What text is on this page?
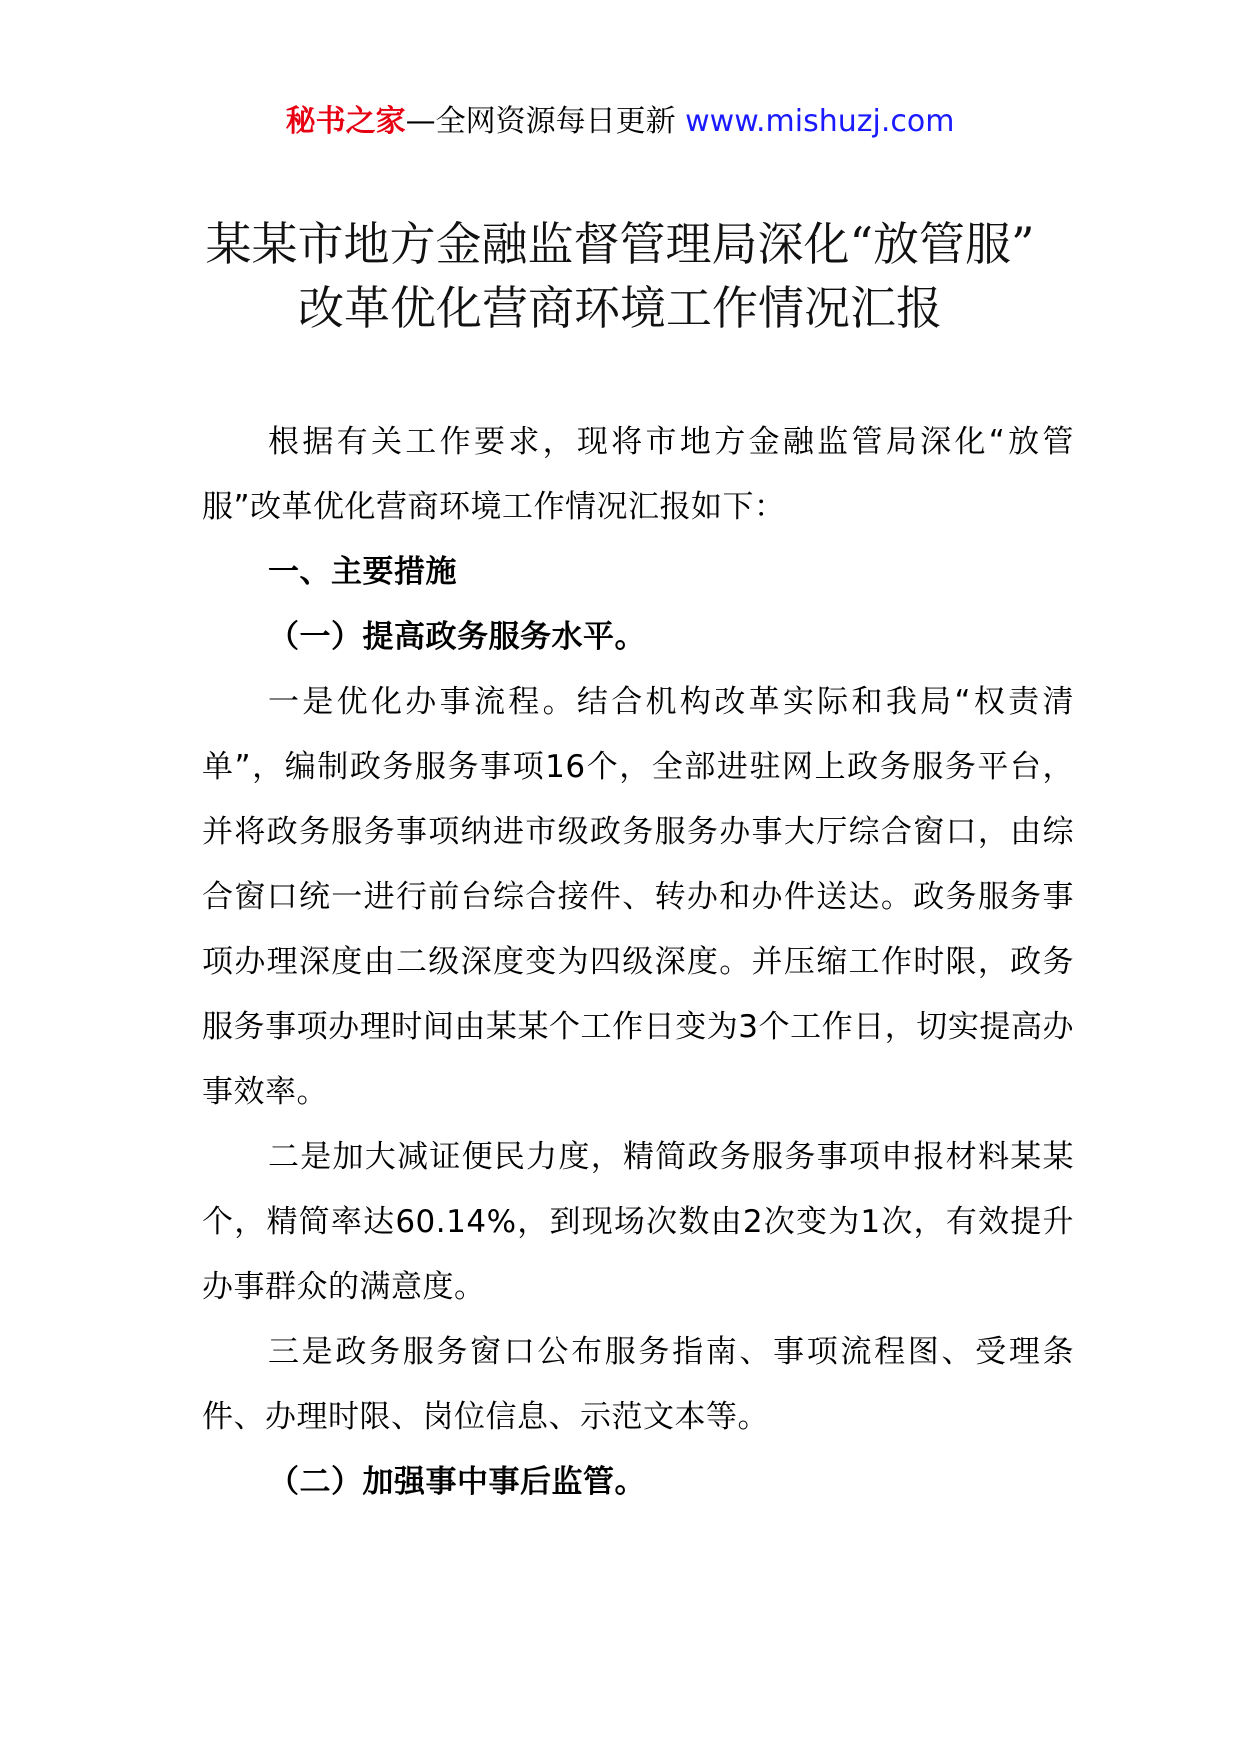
秘书之家—全网资源每日更新 www.mishuzj.com
某某市地方金融监督管理局深化“放管服”
改革优化营商环境工作情况汇报

根据有关工作要求，现将市地方金融监管局深化“放管服”改革优化营商环境工作情况汇报如下：

一、主要措施

（一）提高政务服务水平。

一是优化办事流程。结合机构改革实际和我局“权责清单”，编制政务服务事项16个，全部进驻网上政务服务平台，并将政务服务事项纳进市级政务服务办事大厅综合窗口，由综合窗口统一进行前台综合接件、转办和办件送达。政务服务事项办理深度由二级深度变为四级深度。并压缩工作时限，政务服务事项办理时间由某某个工作日变为3个工作日，切实提高办事效率。

二是加大减证便民力度，精简政务服务事项申报材料某某个，精简率达60.14%，到现场次数由2次变为1次，有效提升办事群众的满意度。

三是政务服务窗口公布服务指南、事项流程图、受理条件、办理时限、岗位信息、示范文本等。

（二）加强事中事后监管。
